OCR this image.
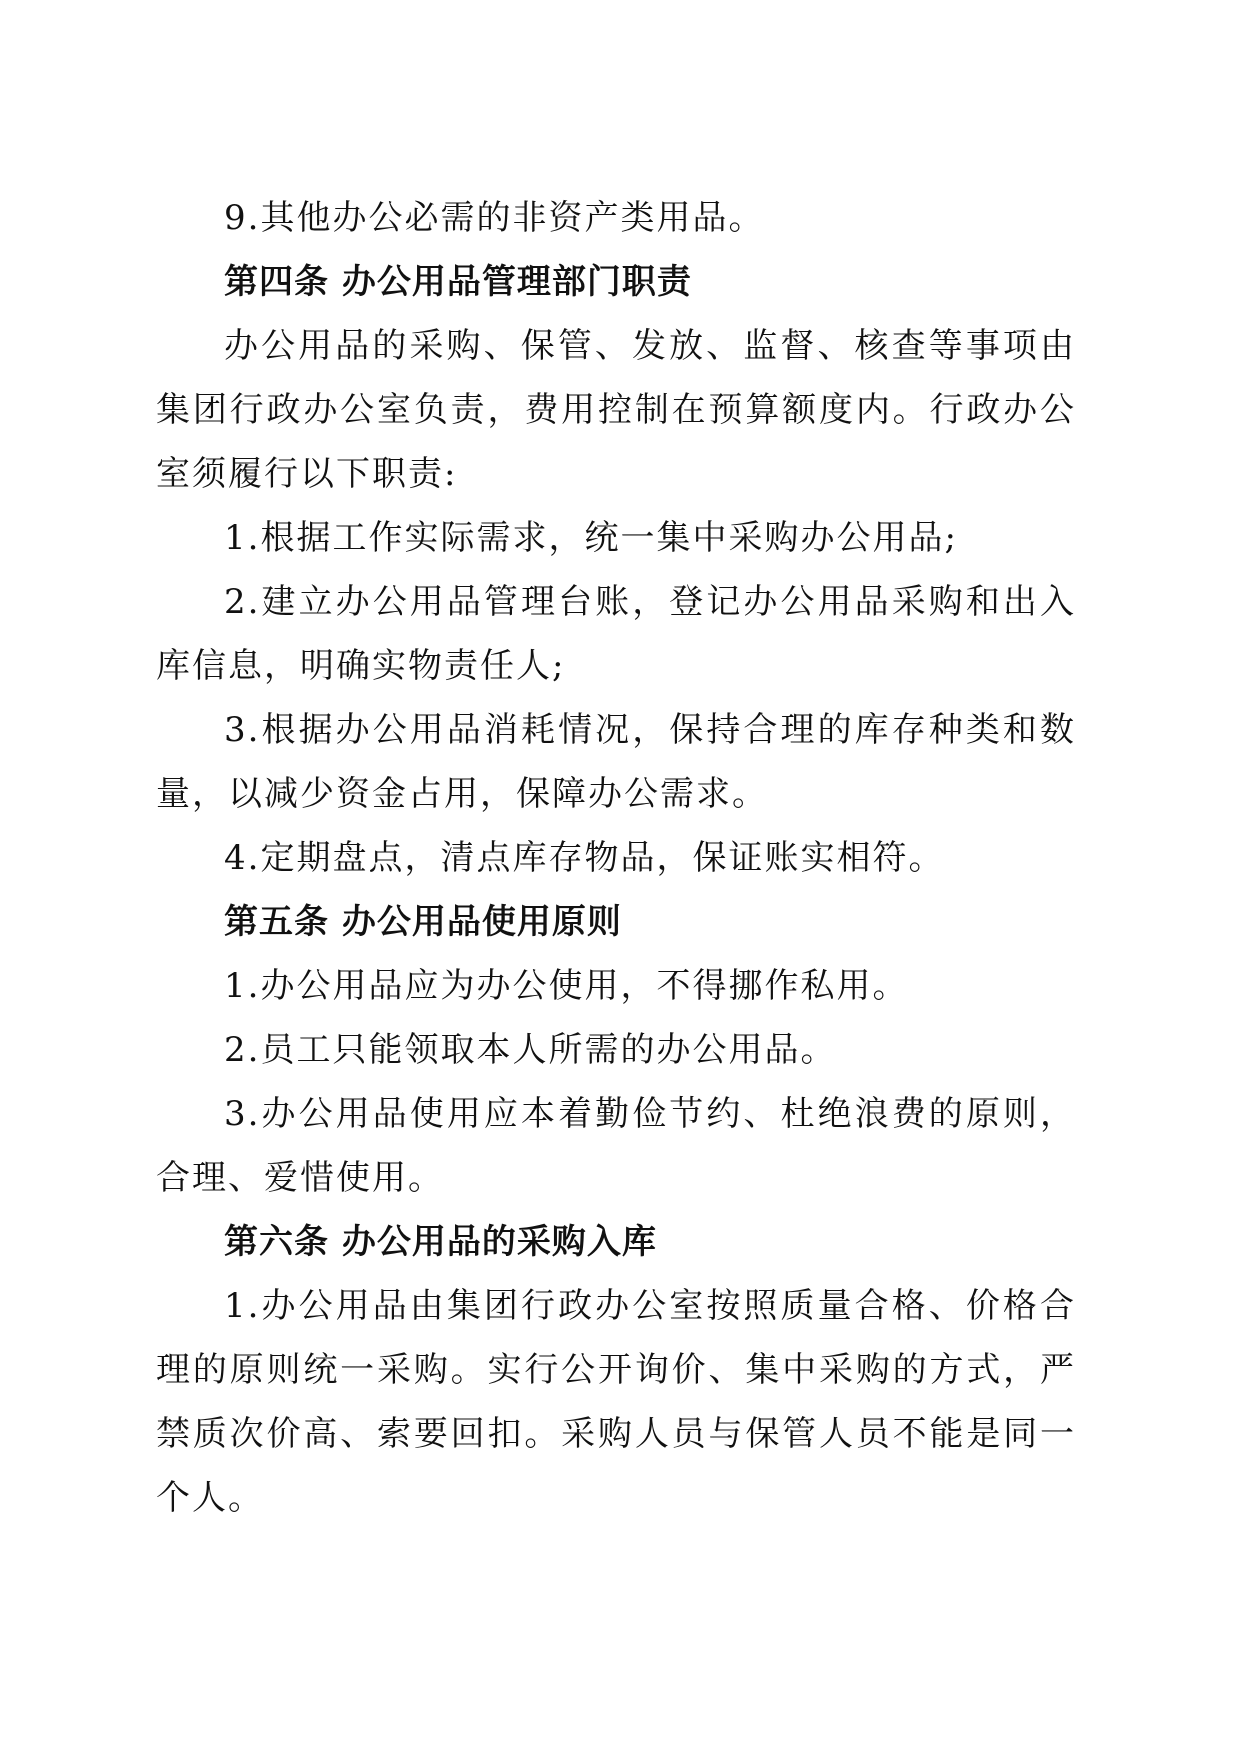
9.其他办公必需的非资产类用品。

第四条 办公用品管理部门职责

办公用品的采购、保管、发放、监督、核查等事项由集团行政办公室负责，费用控制在预算额度内。行政办公室须履行以下职责:

1.根据工作实际需求，统一集中采购办公用品;

2.建立办公用品管理台账，登记办公用品采购和出入库信息，明确实物责任人;

3.根据办公用品消耗情况，保持合理的库存种类和数量，以减少资金占用，保障办公需求。

4.定期盘点，清点库存物品，保证账实相符。

第五条 办公用品使用原则

1.办公用品应为办公使用，不得挪作私用。

2.员工只能领取本人所需的办公用品。

3.办公用品使用应本着勤俭节约、杜绝浪费的原则，合理、爱惜使用。

第六条 办公用品的采购入库

1.办公用品由集团行政办公室按照质量合格、价格合理的原则统一采购。实行公开询价、集中采购的方式，严禁质次价高、索要回扣。采购人员与保管人员不能是同一个人。
